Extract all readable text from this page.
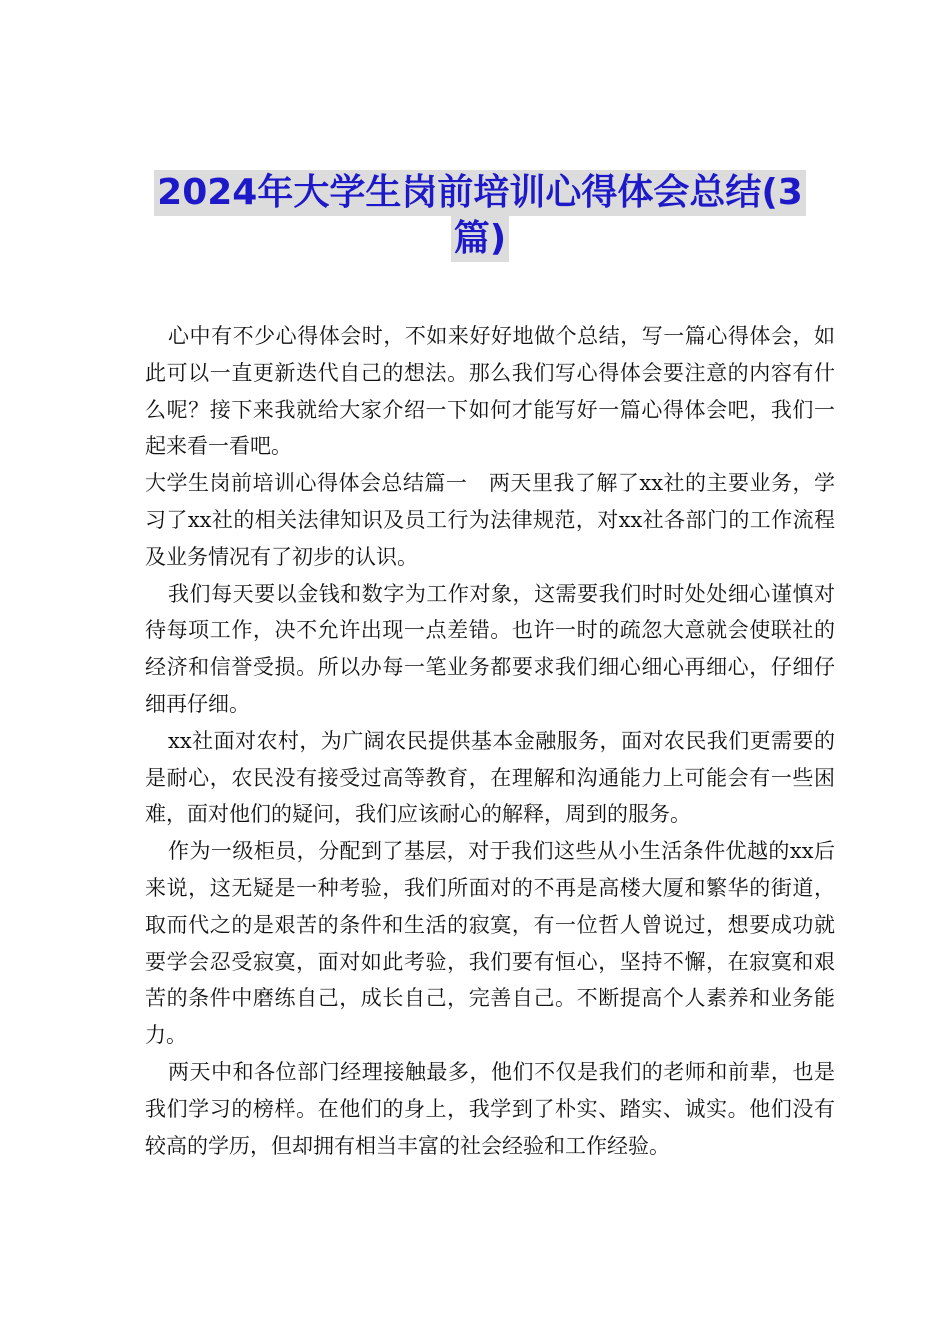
2024年大学生岗前培训心得体会总结(3
篇)

心中有不少心得体会时，不如来好好地做个总结，写一篇心得体会，如此可以一直更新迭代自己的想法。那么我们写心得体会要注意的内容有什么呢？接下来我就给大家介绍一下如何才能写好一篇心得体会吧，我们一起来看一看吧。

大学生岗前培训心得体会总结篇一　两天里我了解了xx社的主要业务，学习了xx社的相关法律知识及员工行为法律规范，对xx社各部门的工作流程及业务情况有了初步的认识。

我们每天要以金钱和数字为工作对象，这需要我们时时处处细心谨慎对待每项工作，决不允许出现一点差错。也许一时的疏忽大意就会使联社的经济和信誉受损。所以办每一笔业务都要求我们细心细心再细心，仔细仔细再仔细。

xx社面对农村，为广阔农民提供基本金融服务，面对农民我们更需要的是耐心，农民没有接受过高等教育，在理解和沟通能力上可能会有一些困难，面对他们的疑问，我们应该耐心的解释，周到的服务。

作为一级柜员，分配到了基层，对于我们这些从小生活条件优越的xx后来说，这无疑是一种考验，我们所面对的不再是高楼大厦和繁华的街道，取而代之的是艰苦的条件和生活的寂寞，有一位哲人曾说过，想要成功就要学会忍受寂寞，面对如此考验，我们要有恒心，坚持不懈，在寂寞和艰苦的条件中磨练自己，成长自己，完善自己。不断提高个人素养和业务能力。

两天中和各位部门经理接触最多，他们不仅是我们的老师和前辈，也是我们学习的榜样。在他们的身上，我学到了朴实、踏实、诚实。他们没有较高的学历，但却拥有相当丰富的社会经验和工作经验。
